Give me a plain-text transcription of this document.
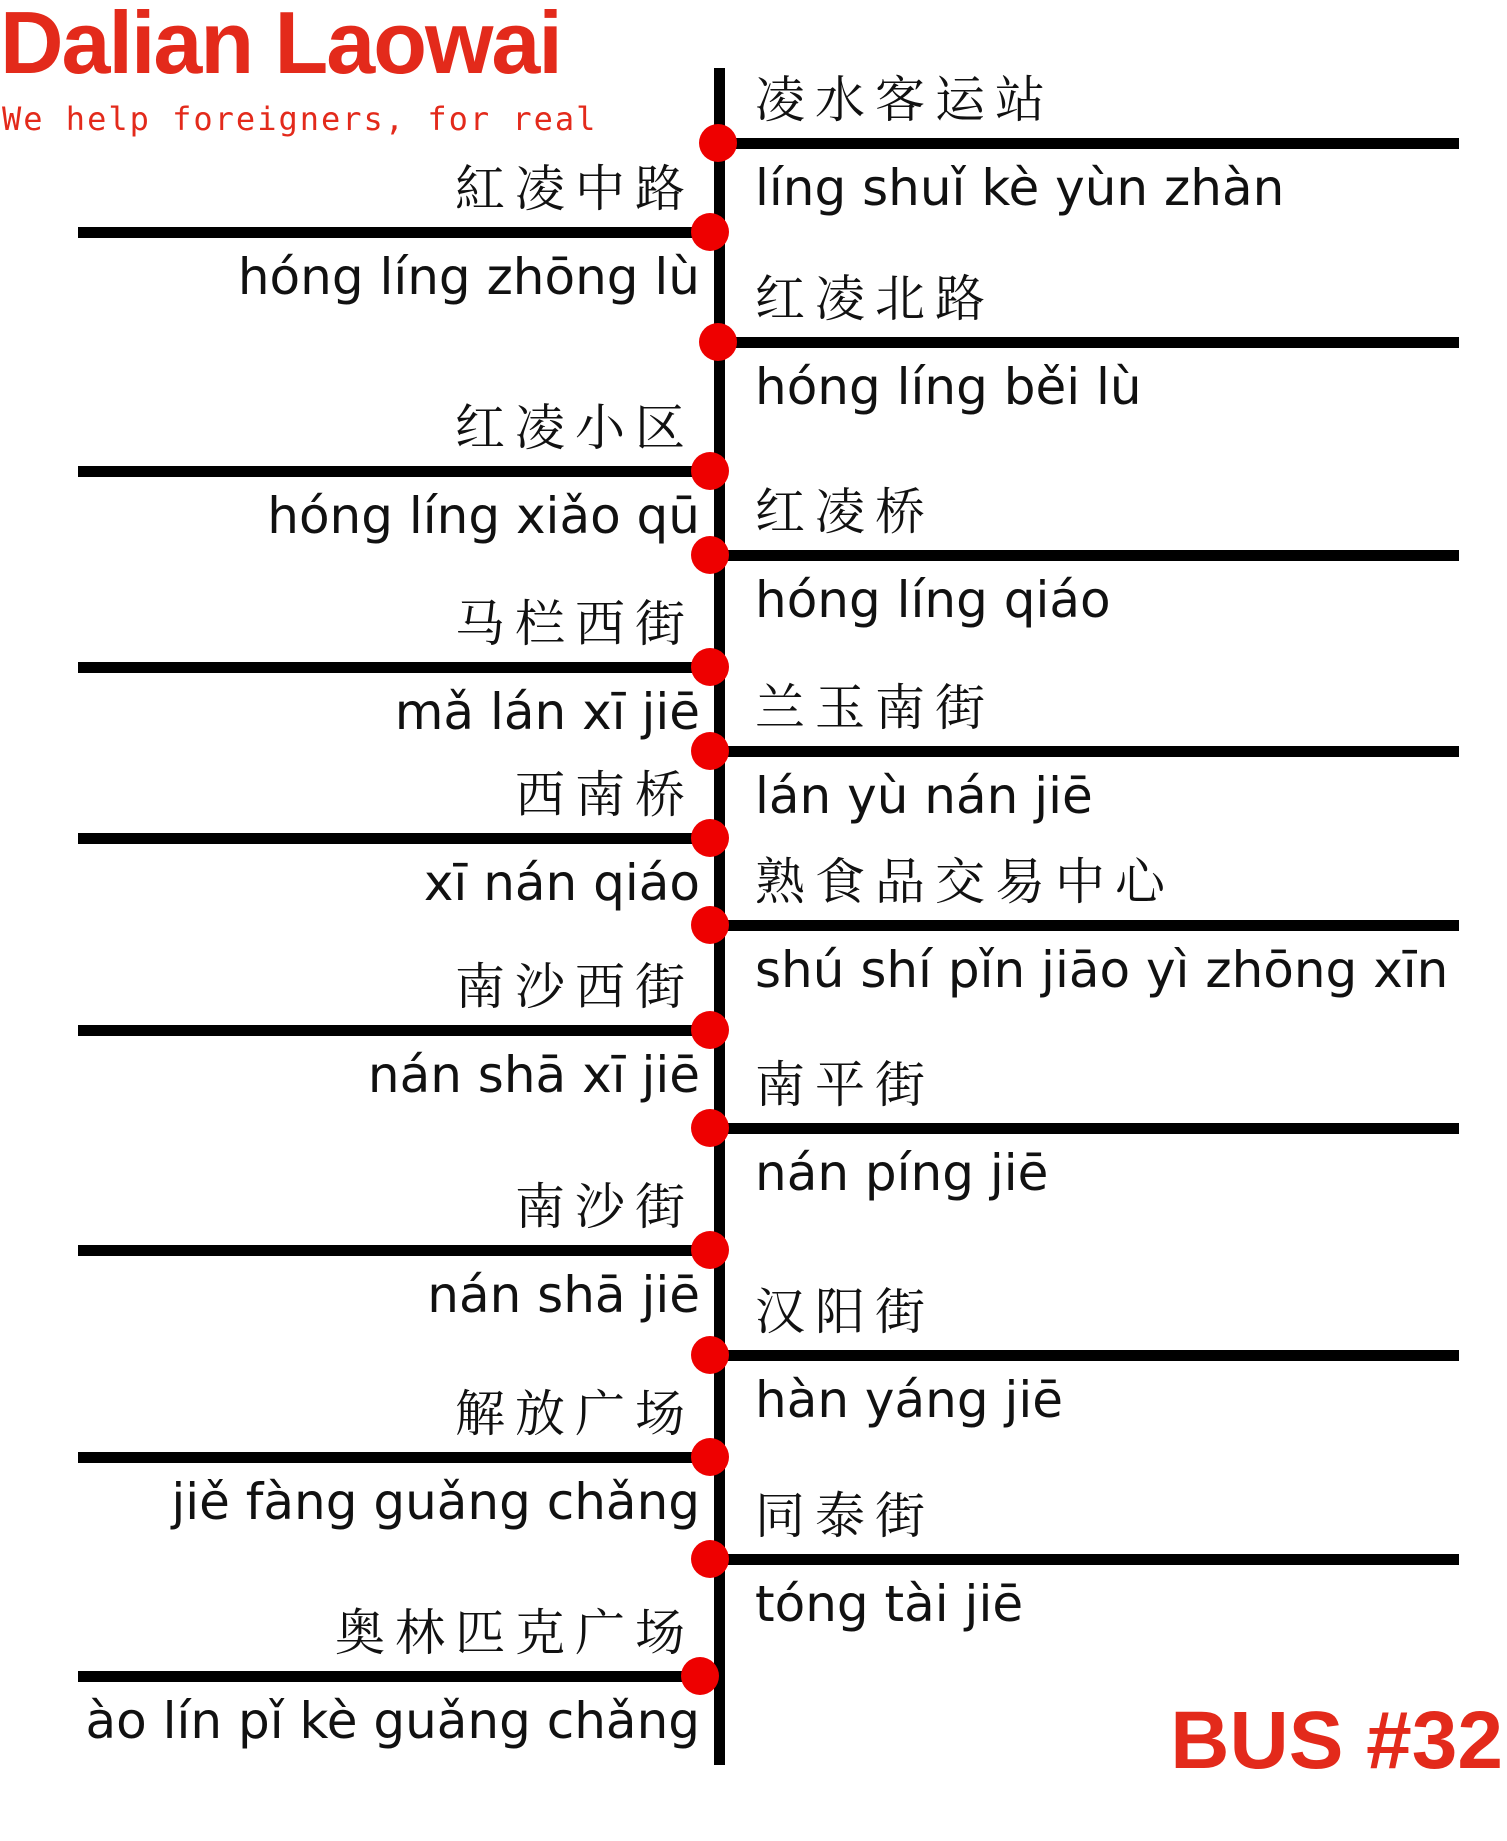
Dalian Laowai
We help foreigners, for real	凌水客运站
líng shuǐ kè yùn zhàn
紅凌中路
hóng líng zhōng lù 红凌北路
hóng líng běi lù
红凌小区
hóng líng xiǎo qū 红凌桥
hóng líng qiáo
马栏西街
mǎ lán xī jiē 兰玉南街
lán yù nán jiē
西南桥
xī nán qiáo 熟食品交易中心
shú shí pǐn jiāo yì zhōng xīn
南沙西街
nán shā xī jiē 南平街
nán píng jiē
南沙街
nán shā jiē 汉阳街
hàn yáng jiē
解放广场
jiě fàng guǎng chǎng 同泰街
tóng tài jiē
奥林匹克广场
ào lín pǐ kè guǎng chǎng	BUS #32
